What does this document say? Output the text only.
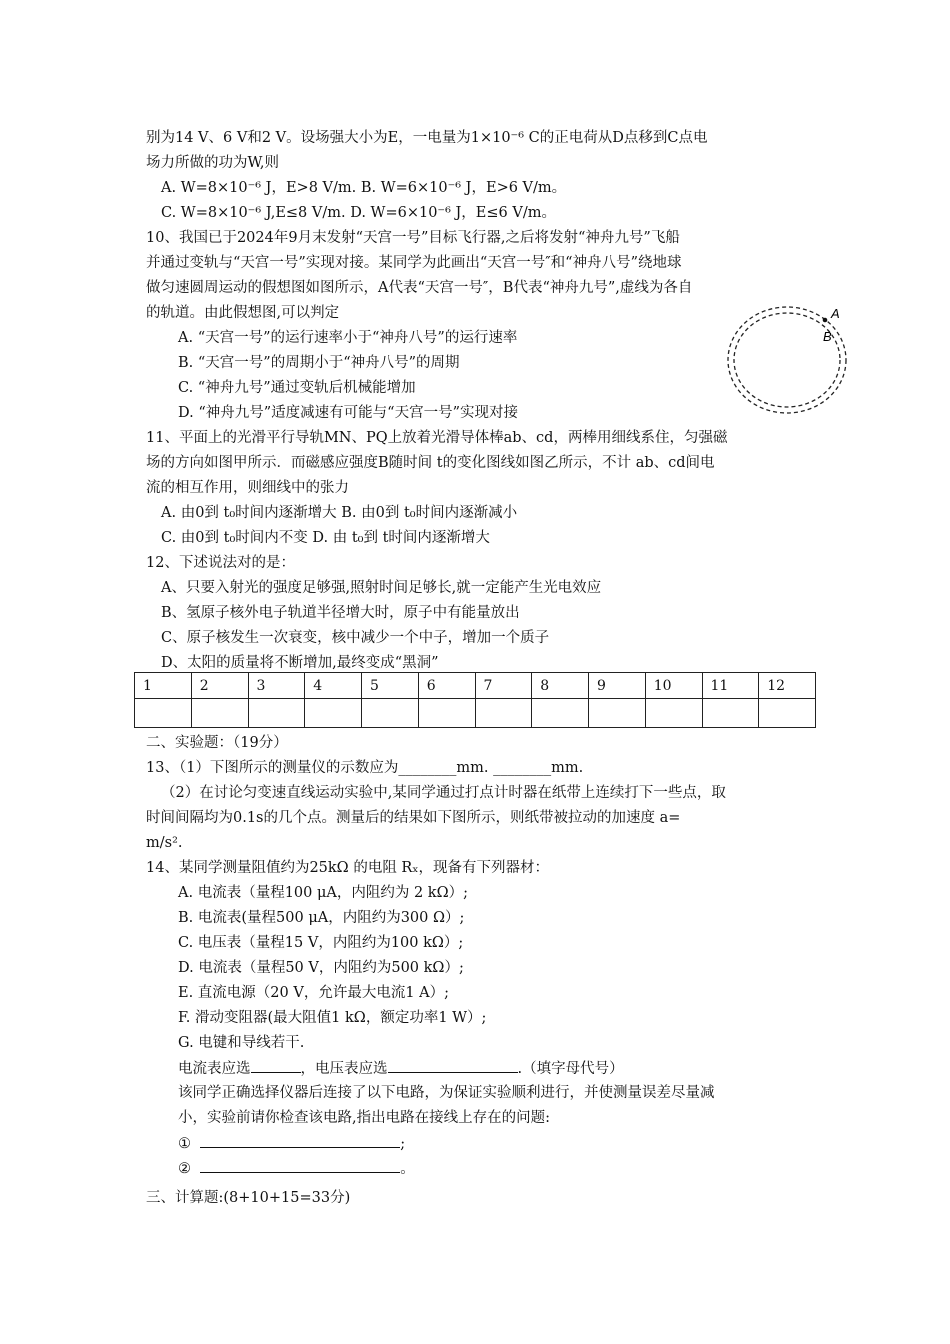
别为14 V、6 V和2 V。设场强大小为E，一电量为1×10⁻⁶ C的正电荷从D点移到C点电
场力所做的功为W,则
A. W=8×10⁻⁶ J，E>8 V/m. B. W=6×10⁻⁶ J，E>6 V/m。
C. W=8×10⁻⁶ J,E≤8 V/m. D. W=6×10⁻⁶ J，E≤6 V/m。
10、我国已于2024年9月末发射“天宫一号”目标飞行器,之后将发射“神舟九号”飞船
并通过变轨与“天宫一号”实现对接。某同学为此画出“天宫一号″和“神舟八号”绕地球
做匀速圆周运动的假想图如图所示，A代表“天宫一号″，B代表“神舟九号”,虚线为各自
的轨道。由此假想图,可以判定
A. “天宫一号”的运行速率小于“神舟八号”的运行速率
B. “天宫一号”的周期小于“神舟八号”的周期
C. “神舟九号”通过变轨后机械能增加
D. “神舟九号”适度减速有可能与“天宫一号”实现对接
A
B
11、平面上的光滑平行导轨MN、PQ上放着光滑导体棒ab、cd，两棒用细线系住，匀强磁
场的方向如图甲所示．而磁感应强度B随时间 t的变化图线如图乙所示，不计 ab、cd间电
流的相互作用，则细线中的张力
A. 由0到 t₀时间内逐渐增大 B. 由0到 t₀时间内逐渐减小
C. 由0到 t₀时间内不变 D. 由 t₀到 t时间内逐渐增大
12、下述说法对的是：
A、只要入射光的强度足够强,照射时间足够长,就一定能产生光电效应
B、氢原子核外电子轨道半径增大时，原子中有能量放出
C、原子核发生一次衰变，核中减少一个中子，增加一个质子
D、太阳的质量将不断增加,最终变成“黑洞”
1	2	3	4	5	6	7	8	9	10	11	12

二、实验题：（19分）
13、（1）下图所示的测量仪的示数应为________mm. ________mm.
（2）在讨论匀变速直线运动实验中,某同学通过打点计时器在纸带上连续打下一些点，取
时间间隔均为0.1s的几个点。测量后的结果如下图所示，则纸带被拉动的加速度 a=
m/s².
14、某同学测量阻值约为25kΩ 的电阻 Rₓ，现备有下列器材：
A. 电流表（量程100 μA，内阻约为 2 kΩ）;
B. 电流表(量程500 μA，内阻约为300 Ω）;
C. 电压表（量程15 V，内阻约为100 kΩ）;
D. 电流表（量程50 V，内阻约为500 kΩ）;
E. 直流电源（20 V，允许最大电流1 A）;
F. 滑动变阻器(最大阻值1 kΩ，额定功率1 W）;
G. 电键和导线若干.
电流表应选	，电压表应选	.（填字母代号）
该同学正确选择仪器后连接了以下电路，为保证实验顺利进行，并使测量误差尽量减
小，实验前请你检查该电路,指出电路在接线上存在的问题:
①	;
②	。
三、计算题:(8+10+15=33分)
